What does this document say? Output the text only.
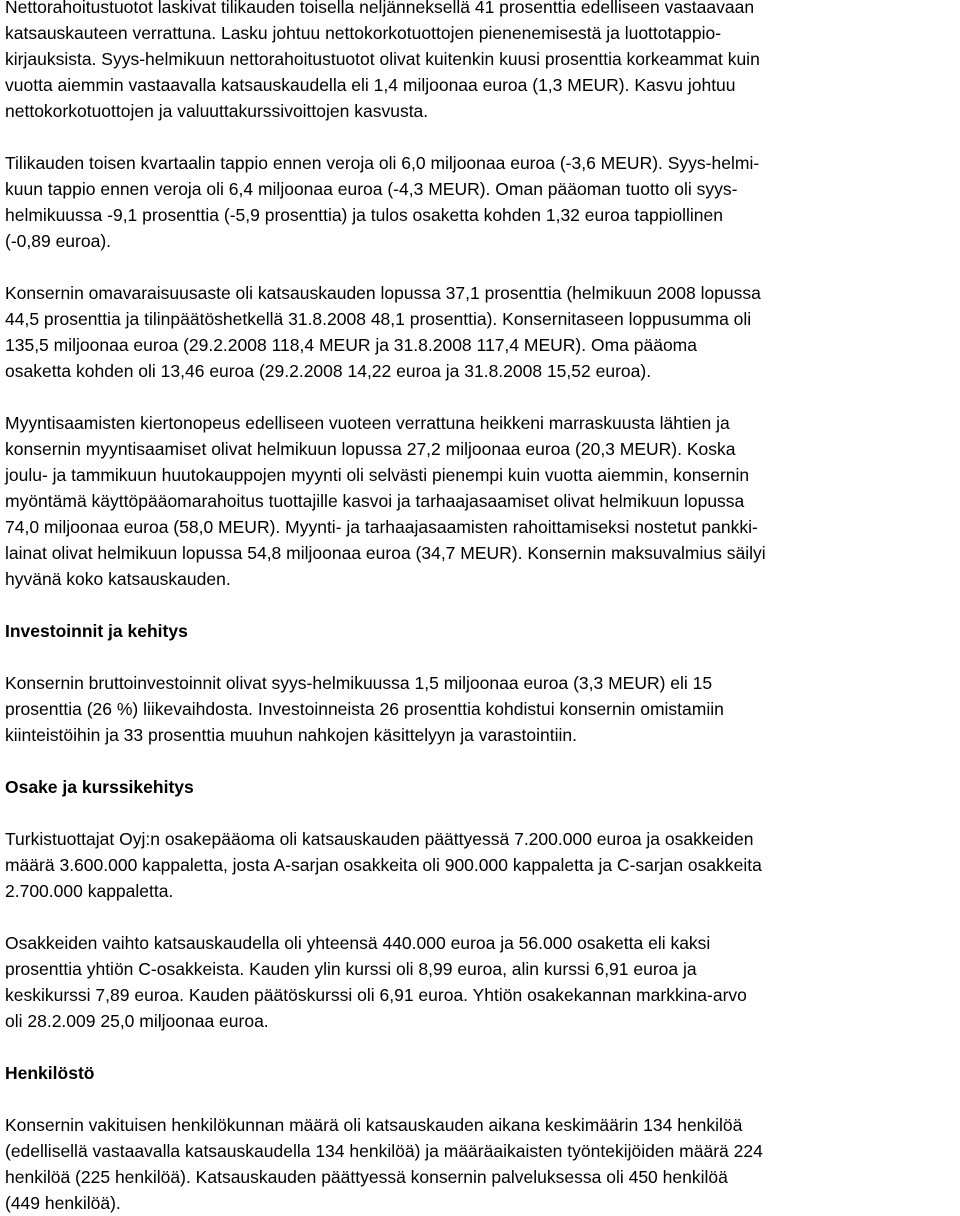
Nettorahoitustuotot laskivat tilikauden toisella neljänneksellä 41 prosenttia edelliseen vastaavaan
katsauskauteen verrattuna. Lasku johtuu nettokorkotuottojen pienenemisestä ja luottotappio-
kirjauksista. Syys-helmikuun nettorahoitustuotot olivat kuitenkin kuusi prosenttia korkeammat kuin
vuotta aiemmin vastaavalla katsauskaudella eli 1,4 miljoonaa euroa (1,3 MEUR). Kasvu johtuu
nettokorkotuottojen ja valuuttakurssivoittojen kasvusta.
Tilikauden toisen kvartaalin tappio ennen veroja oli 6,0 miljoonaa euroa (-3,6 MEUR). Syys-helmi-
kuun tappio ennen veroja oli 6,4 miljoonaa euroa (-4,3 MEUR). Oman pääoman tuotto oli syys-
helmikuussa -9,1 prosenttia (-5,9 prosenttia) ja tulos osaketta kohden 1,32 euroa tappiollinen
(-0,89 euroa).
Konsernin omavaraisuusaste oli katsauskauden lopussa 37,1 prosenttia (helmikuun 2008 lopussa
44,5 prosenttia ja tilinpäätöshetkellä 31.8.2008 48,1 prosenttia). Konsernitaseen loppusumma oli
135,5 miljoonaa euroa (29.2.2008 118,4 MEUR ja 31.8.2008 117,4 MEUR). Oma pääoma
osaketta kohden oli 13,46 euroa (29.2.2008 14,22 euroa ja 31.8.2008 15,52 euroa).
Myyntisaamisten kiertonopeus edelliseen vuoteen verrattuna heikkeni marraskuusta lähtien ja
konsernin myyntisaamiset olivat helmikuun lopussa 27,2 miljoonaa euroa (20,3 MEUR). Koska
joulu- ja tammikuun huutokauppojen myynti oli selvästi pienempi kuin vuotta aiemmin, konsernin
myöntämä käyttöpääomarahoitus tuottajille kasvoi ja tarhaajasaamiset olivat helmikuun lopussa
74,0 miljoonaa euroa (58,0 MEUR). Myynti- ja tarhaajasaamisten rahoittamiseksi nostetut pankki-
lainat olivat helmikuun lopussa 54,8 miljoonaa euroa (34,7 MEUR). Konsernin maksuvalmius säilyi
hyvänä koko katsauskauden.
Investoinnit ja kehitys
Konsernin bruttoinvestoinnit olivat syys-helmikuussa 1,5 miljoonaa euroa (3,3 MEUR) eli 15
prosenttia (26 %) liikevaihdosta. Investoinneista 26 prosenttia kohdistui konsernin omistamiin
kiinteistöihin ja 33 prosenttia muuhun nahkojen käsittelyyn ja varastointiin.
Osake ja kurssikehitys
Turkistuottajat Oyj:n osakepääoma oli katsauskauden päättyessä 7.200.000 euroa ja osakkeiden
määrä 3.600.000 kappaletta, josta A-sarjan osakkeita oli 900.000 kappaletta ja C-sarjan osakkeita
2.700.000 kappaletta.
Osakkeiden vaihto katsauskaudella oli yhteensä 440.000 euroa ja 56.000 osaketta eli kaksi
prosenttia yhtiön C-osakkeista. Kauden ylin kurssi oli 8,99 euroa, alin kurssi 6,91 euroa ja
keskikurssi 7,89 euroa. Kauden päätöskurssi oli 6,91 euroa. Yhtiön osakekannan markkina-arvo
oli 28.2.009 25,0 miljoonaa euroa.
Henkilöstö
Konsernin vakituisen henkilökunnan määrä oli katsauskauden aikana keskimäärin 134 henkilöä
(edellisellä vastaavalla katsauskaudella 134 henkilöä) ja määräaikaisten työntekijöiden määrä 224
henkilöä (225 henkilöä). Katsauskauden päättyessä konsernin palveluksessa oli 450 henkilöä
(449 henkilöä).
